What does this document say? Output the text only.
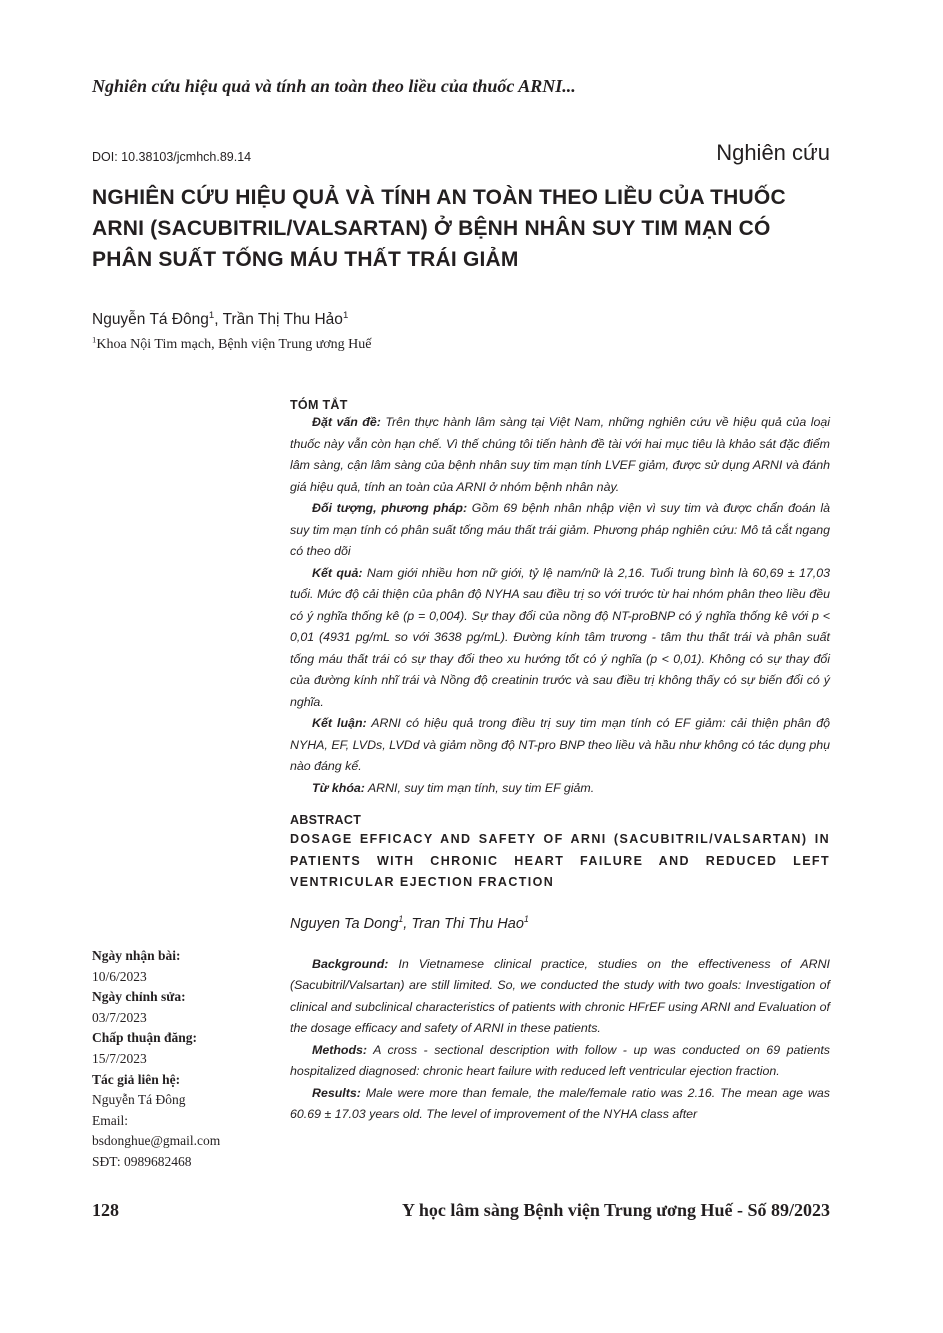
Nghiên cứu hiệu quả và tính an toàn theo liều của thuốc ARNI...
DOI: 10.38103/jcmhch.89.14	Nghiên cứu
NGHIÊN CỨU HIỆU QUẢ VÀ TÍNH AN TOÀN THEO LIỀU CỦA THUỐC
ARNI (SACUBITRIL/VALSARTAN) Ở BỆNH NHÂN SUY TIM MẠN CÓ
PHÂN SUẤT TỐNG MÁU THẤT TRÁI GIẢM
Nguyễn Tá Đông$^1$, Trần Thị Thu Hảo$^1$
$^1$Khoa Nội Tim mạch, Bệnh viện Trung ương Huế
TÓM TẮT

Đặt vấn đề: Trên thực hành lâm sàng tại Việt Nam, những nghiên cứu về hiệu quả của loại thuốc này vẫn còn hạn chế. Vì thế chúng tôi tiến hành đề tài với hai mục tiêu là khảo sát đặc điểm lâm sàng, cận lâm sàng của bệnh nhân suy tim mạn tính LVEF giảm, được sử dụng ARNI và đánh giá hiệu quả, tính an toàn của ARNI ở nhóm bệnh nhân này.

Đối tượng, phương pháp: Gồm 69 bệnh nhân nhập viện vì suy tim và được chẩn đoán là suy tim mạn tính có phân suất tống máu thất trái giảm. Phương pháp nghiên cứu: Mô tả cắt ngang có theo dõi

Kết quả: Nam giới nhiều hơn nữ giới, tỷ lệ nam/nữ là 2,16. Tuổi trung bình là 60,69 ± 17,03 tuổi. Mức độ cải thiện của phân độ NYHA sau điều trị so với trước từ hai nhóm phân theo liều đều có ý nghĩa thống kê (p = 0,004). Sự thay đổi của nồng độ NT-proBNP có ý nghĩa thống kê với p < 0,01 (4931 pg/mL so với 3638 pg/mL). Đường kính tâm trương - tâm thu thất trái và phân suất tống máu thất trái có sự thay đổi theo xu hướng tốt có ý nghĩa (p < 0,01). Không có sự thay đổi của đường kính nhĩ trái và Nồng độ creatinin trước và sau điều trị không thấy có sự biến đổi có ý nghĩa.

Kết luận: ARNI có hiệu quả trong điều trị suy tim mạn tính có EF giảm: cải thiện phân độ NYHA, EF, LVDs, LVDd và giảm nồng độ NT-pro BNP theo liều và hầu như không có tác dụng phụ nào đáng kể.

Từ khóa: ARNI, suy tim mạn tính, suy tim EF giảm.

ABSTRACT
DOSAGE EFFICACY AND SAFETY OF ARNI (SACUBITRIL/VALSARTAN) IN PATIENTS WITH CHRONIC HEART FAILURE AND REDUCED LEFT VENTRICULAR EJECTION FRACTION
Nguyen Ta Dong$^1$, Tran Thi Thu Hao$^1$

Background: In Vietnamese clinical practice, studies on the effectiveness of ARNI (Sacubitril/Valsartan) are still limited. So, we conducted the study with two goals: Investigation of clinical and subclinical characteristics of patients with chronic HFrEF using ARNI and Evaluation of the dosage efficacy and safety of ARNI in these patients.

Methods: A cross - sectional description with follow - up was conducted on 69 patients hospitalized diagnosed: chronic heart failure with reduced left ventricular ejection fraction.

Results: Male were more than female, the male/female ratio was 2.16. The mean age was 60.69 ± 17.03 years old. The level of improvement of the NYHA class after

Ngày nhận bài:
10/6/2023
Ngày chỉnh sửa:
03/7/2023
Chấp thuận đăng:
15/7/2023
Tác giả liên hệ:
Nguyễn Tá Đông
Email:
bsdonghue@gmail.com
SĐT: 0989682468
128	Y học lâm sàng Bệnh viện Trung ương Huế - Số 89/2023
